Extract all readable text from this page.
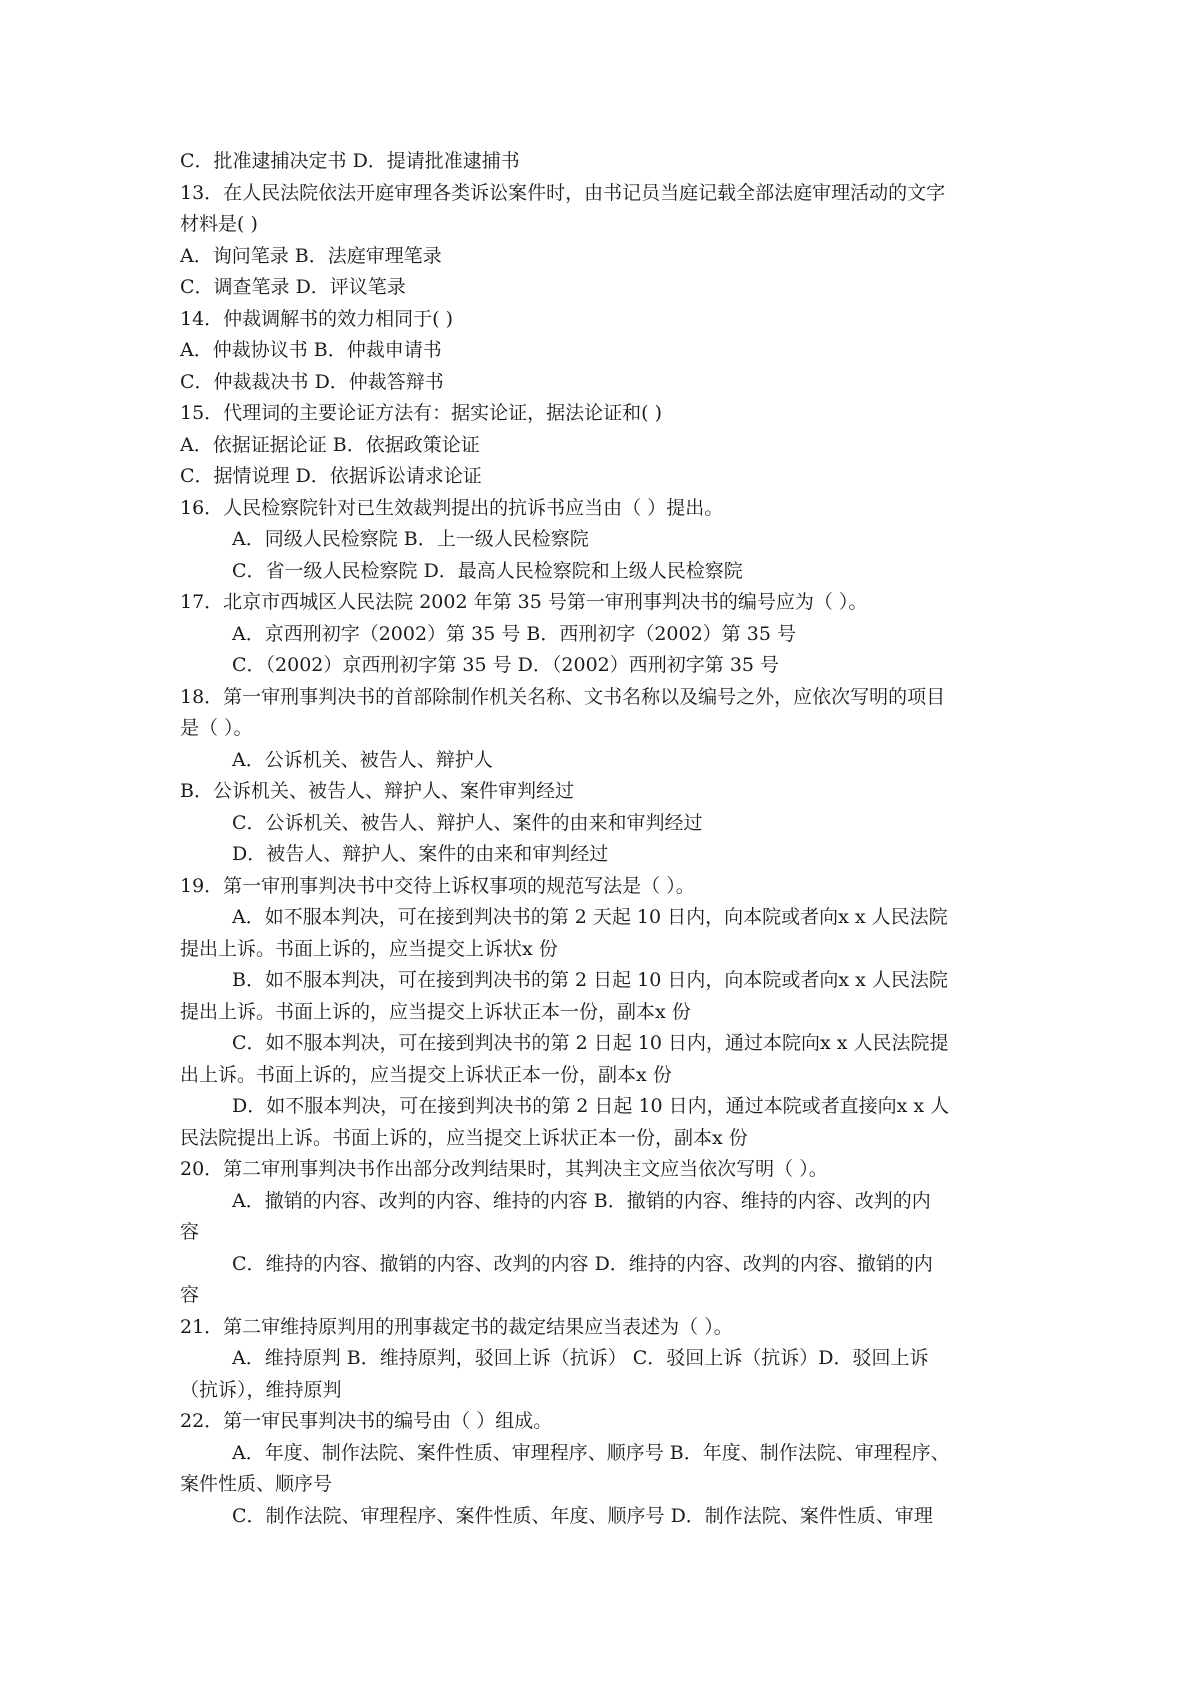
C．批准逮捕决定书 D．提请批准逮捕书

13．在人民法院依法开庭审理各类诉讼案件时，由书记员当庭记载全部法庭审理活动的文字

材料是( )

A．询问笔录 B．法庭审理笔录

C．调查笔录 D．评议笔录

14．仲裁调解书的效力相同于( )

A．仲裁协议书 B．仲裁申请书

C．仲裁裁决书 D．仲裁答辩书

15．代理词的主要论证方法有：据实论证，据法论证和( )

A．依据证据论证 B．依据政策论证

C．据情说理 D．依据诉讼请求论证

16．人民检察院针对已生效裁判提出的抗诉书应当由（ ）提出。

A．同级人民检察院 B．上一级人民检察院

C．省一级人民检察院 D．最高人民检察院和上级人民检察院

17．北京市西城区人民法院 2002 年第 35 号第一审刑事判决书的编号应为（ ）。

A．京西刑初字（2002）第 35 号 B．西刑初字（2002）第 35 号

C．（2002）京西刑初字第 35 号 D．（2002）西刑初字第 35 号

18．第一审刑事判决书的首部除制作机关名称、文书名称以及编号之外，应依次写明的项目

是（ ）。

A．公诉机关、被告人、辩护人

B．公诉机关、被告人、辩护人、案件审判经过

C．公诉机关、被告人、辩护人、案件的由来和审判经过

D．被告人、辩护人、案件的由来和审判经过

19．第一审刑事判决书中交待上诉权事项的规范写法是（ ）。

A．如不服本判决，可在接到判决书的第 2 天起 10 日内，向本院或者向x x 人民法院

提出上诉。书面上诉的，应当提交上诉状x 份

B．如不服本判决，可在接到判决书的第 2 日起 10 日内，向本院或者向x x 人民法院

提出上诉。书面上诉的，应当提交上诉状正本一份，副本x 份

C．如不服本判决，可在接到判决书的第 2 日起 10 日内，通过本院向x x 人民法院提

出上诉。书面上诉的，应当提交上诉状正本一份，副本x 份

D．如不服本判决，可在接到判决书的第 2 日起 10 日内，通过本院或者直接向x x 人

民法院提出上诉。书面上诉的，应当提交上诉状正本一份，副本x 份

20．第二审刑事判决书作出部分改判结果时，其判决主文应当依次写明（ ）。

A．撤销的内容、改判的内容、维持的内容 B．撤销的内容、维持的内容、改判的内

容

C．维持的内容、撤销的内容、改判的内容 D．维持的内容、改判的内容、撤销的内

容

21．第二审维持原判用的刑事裁定书的裁定结果应当表述为（ ）。

A．维持原判 B．维持原判，驳回上诉（抗诉） C．驳回上诉（抗诉）D．驳回上诉

（抗诉），维持原判

22．第一审民事判决书的编号由（ ）组成。

A．年度、制作法院、案件性质、审理程序、顺序号 B．年度、制作法院、审理程序、

案件性质、顺序号

C．制作法院、审理程序、案件性质、年度、顺序号 D．制作法院、案件性质、审理
